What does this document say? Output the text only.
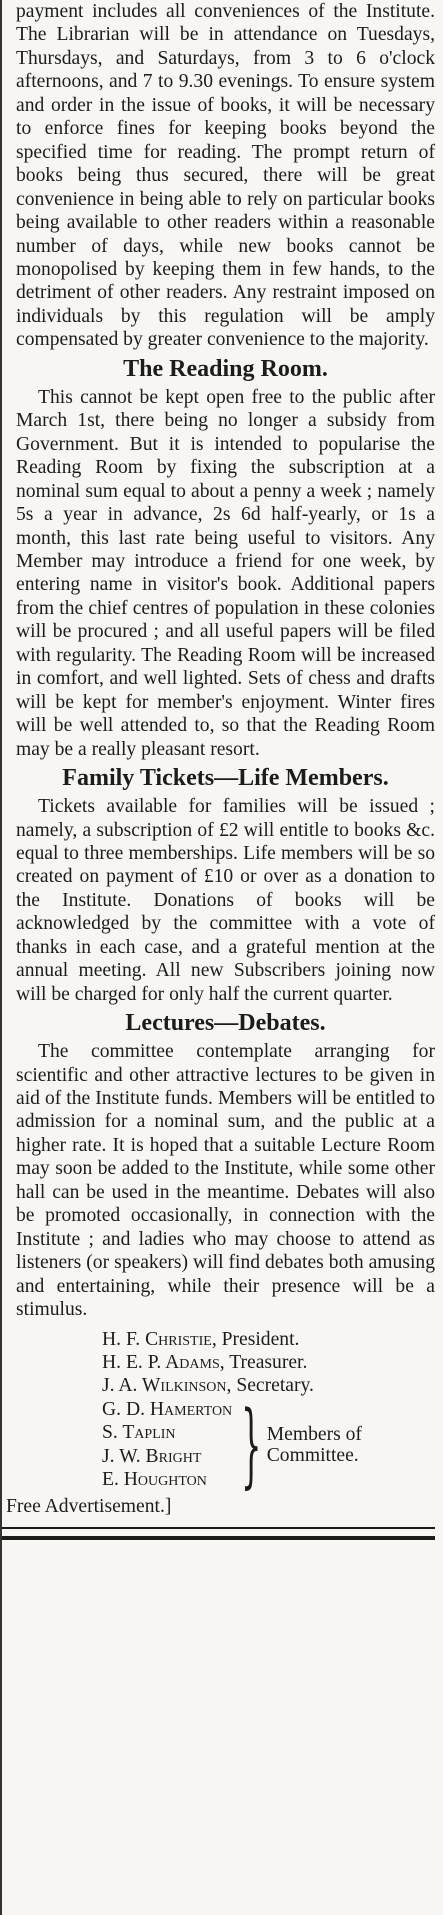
payment includes all conveniences of the Institute. The Librarian will be in attendance on Tuesdays, Thursdays, and Saturdays, from 3 to 6 o'clock afternoons, and 7 to 9.30 evenings. To ensure system and order in the issue of books, it will be necessary to enforce fines for keeping books beyond the specified time for reading. The prompt return of books being thus secured, there will be great convenience in being able to rely on particular books being available to other readers within a reasonable number of days, while new books cannot be monopolised by keeping them in few hands, to the detriment of other readers. Any restraint imposed on individuals by this regulation will be amply compensated by greater convenience to the majority.

The Reading Room.

This cannot be kept open free to the public after March 1st, there being no longer a subsidy from Government. But it is intended to popularise the Reading Room by fixing the subscription at a nominal sum equal to about a penny a week ; namely 5s a year in advance, 2s 6d half-yearly, or 1s a month, this last rate being useful to visitors. Any Member may introduce a friend for one week, by entering name in visitor's book. Additional papers from the chief centres of population in these colonies will be procured ; and all useful papers will be filed with regularity. The Reading Room will be increased in comfort, and well lighted. Sets of chess and drafts will be kept for member's enjoyment. Winter fires will be well attended to, so that the Reading Room may be a really pleasant resort.

Family Tickets—Life Members.

Tickets available for families will be issued ; namely, a subscription of £2 will entitle to books &c. equal to three memberships. Life members will be so created on payment of £10 or over as a donation to the Institute. Donations of books will be acknowledged by the committee with a vote of thanks in each case, and a grateful mention at the annual meeting. All new Subscribers joining now will be charged for only half the current quarter.

Lectures—Debates.

The committee contemplate arranging for scientific and other attractive lectures to be given in aid of the Institute funds. Members will be entitled to admission for a nominal sum, and the public at a higher rate. It is hoped that a suitable Lecture Room may soon be added to the Institute, while some other hall can be used in the meantime. Debates will also be promoted occasionally, in connection with the Institute ; and ladies who may choose to attend as listeners (or speakers) will find debates both amusing and entertaining, while their presence will be a stimulus.

H. F. Christie, President.
H. E. P. Adams, Treasurer.
J. A. Wilkinson, Secretary.
G. D. Hamerton
S. Taplin
J. W. Bright
E. Houghton } Members of
Committee.
Free Advertisement.]
